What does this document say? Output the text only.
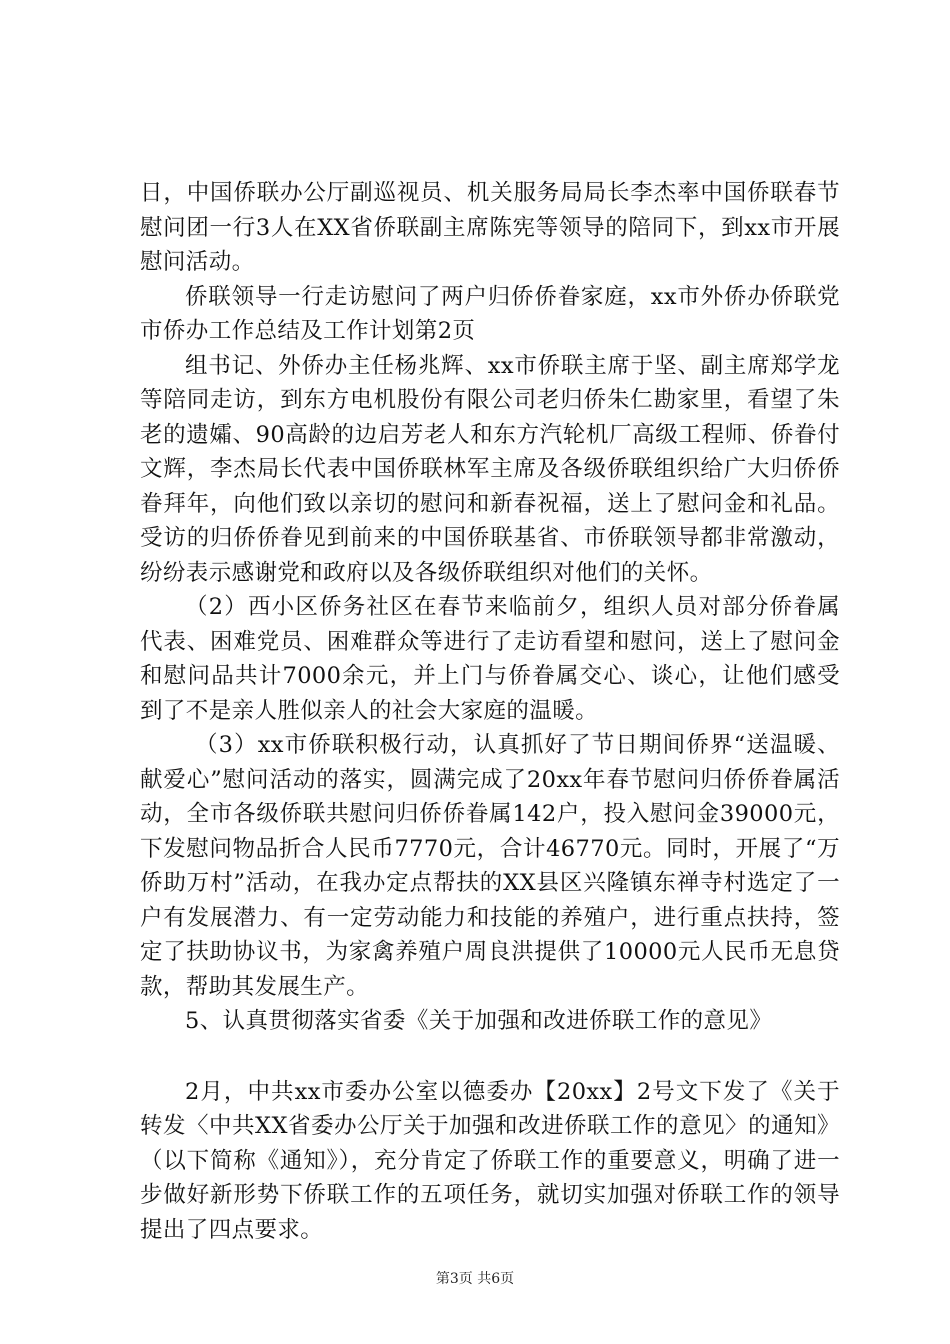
日，中国侨联办公厅副巡视员、机关服务局局长李杰率中国侨联春节慰问团一行3人在XX省侨联副主席陈宪等领导的陪同下，到xx市开展慰问活动。

侨联领导一行走访慰问了两户归侨侨眷家庭，xx市外侨办侨联党市侨办工作总结及工作计划第2页

组书记、外侨办主任杨兆辉、xx市侨联主席于坚、副主席郑学龙等陪同走访，到东方电机股份有限公司老归侨朱仁勘家里，看望了朱老的遗孀、90高龄的边启芳老人和东方汽轮机厂高级工程师、侨眷付文辉，李杰局长代表中国侨联林军主席及各级侨联组织给广大归侨侨眷拜年，向他们致以亲切的慰问和新春祝福，送上了慰问金和礼品。受访的归侨侨眷见到前来的中国侨联基省、市侨联领导都非常激动，纷纷表示感谢党和政府以及各级侨联组织对他们的关怀。

（2）西小区侨务社区在春节来临前夕，组织人员对部分侨眷属代表、困难党员、困难群众等进行了走访看望和慰问，送上了慰问金和慰问品共计7000余元，并上门与侨眷属交心、谈心，让他们感受到了不是亲人胜似亲人的社会大家庭的温暖。

（3）xx市侨联积极行动，认真抓好了节日期间侨界“送温暖、献爱心”慰问活动的落实，圆满完成了20xx年春节慰问归侨侨眷属活动，全市各级侨联共慰问归侨侨眷属142户，投入慰问金39000元，下发慰问物品折合人民币7770元，合计46770元。同时，开展了“万侨助万村”活动，在我办定点帮扶的XX县区兴隆镇东禅寺村选定了一户有发展潜力、有一定劳动能力和技能的养殖户，进行重点扶持，签定了扶助协议书，为家禽养殖户周良洪提供了10000元人民币无息贷款，帮助其发展生产。

5、认真贯彻落实省委《关于加强和改进侨联工作的意见》

2月，中共xx市委办公室以德委办【20xx】2号文下发了《关于转发〈中共XX省委办公厅关于加强和改进侨联工作的意见〉的通知》（以下简称《通知》），充分肯定了侨联工作的重要意义，明确了进一步做好新形势下侨联工作的五项任务，就切实加强对侨联工作的领导提出了四点要求。

第3页 共6页
